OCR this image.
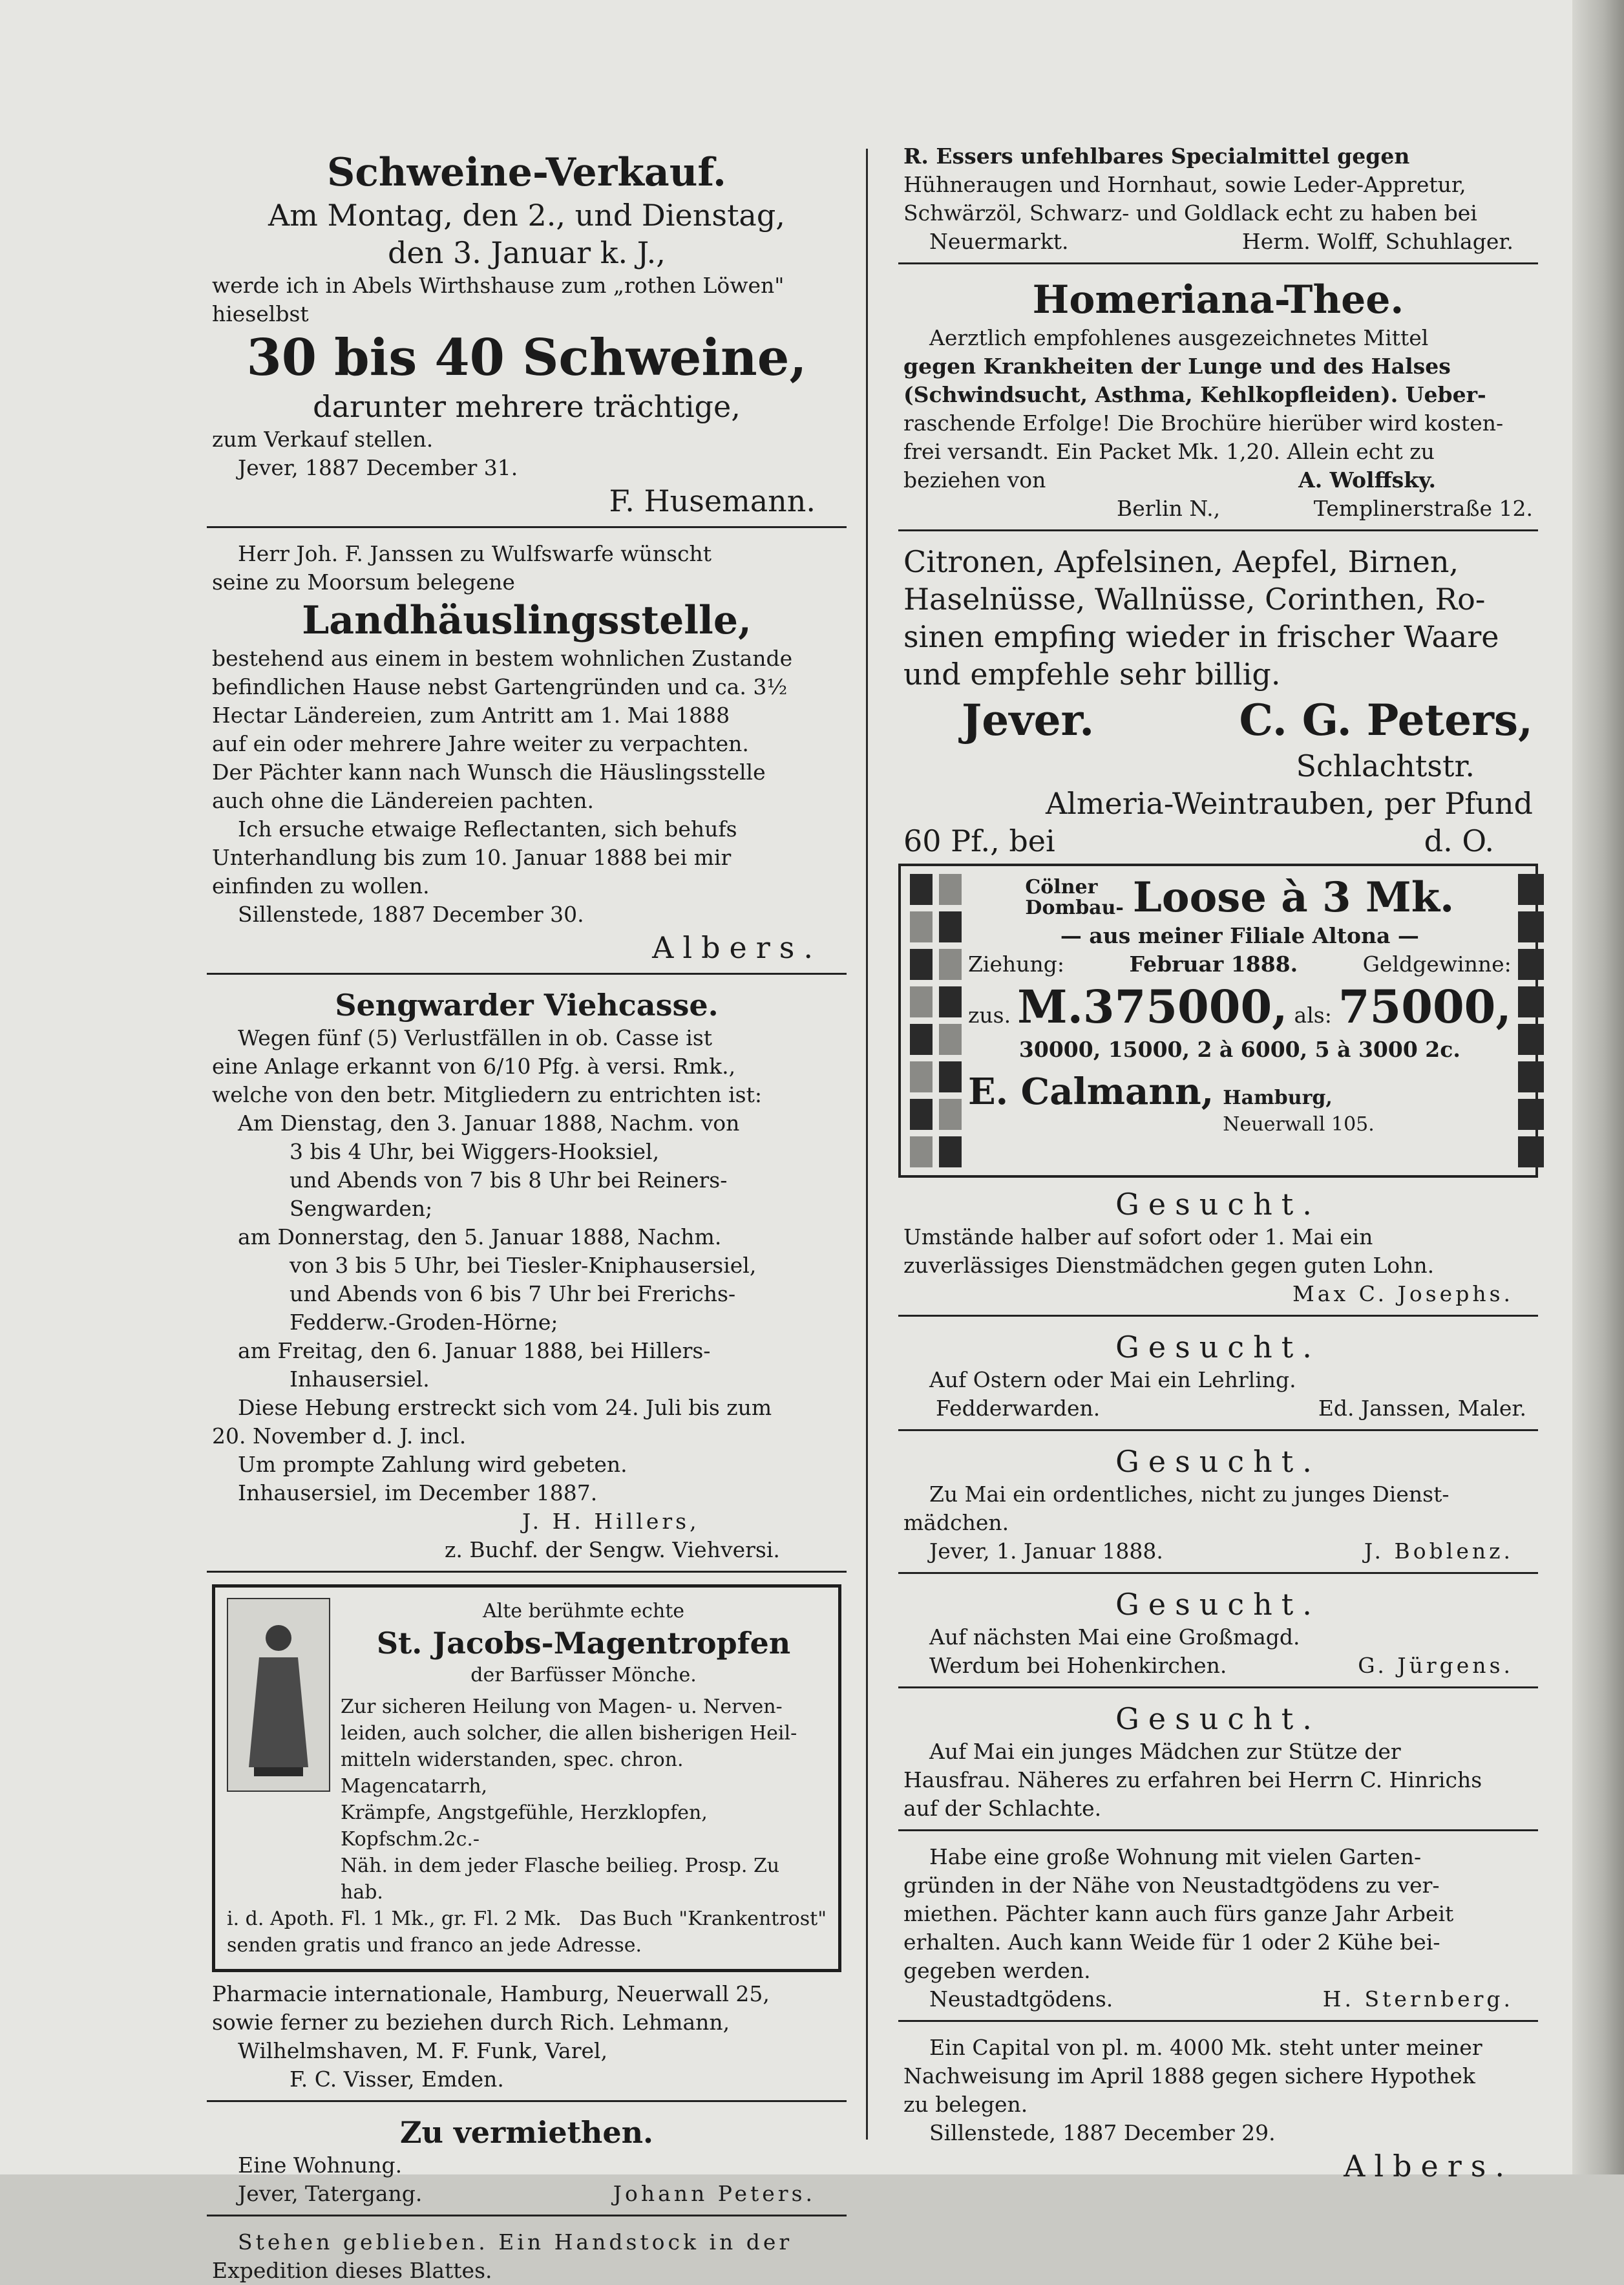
Schweine-Verkauf.
Am Montag, den 2., und Dienstag,
den 3. Januar k. J.,
werde ich in Abels Wirthshause zum „rothen Löwen"
hieselbst
30 bis 40 Schweine,
darunter mehrere trächtige,
zum Verkauf stellen.
Jever, 1887 December 31.
F. Husemann.
Herr Joh. F. Janssen zu Wulfswarfe wünscht
seine zu Moorsum belegene
Landhäuslingsstelle,
bestehend aus einem in bestem wohnlichen Zustande
befindlichen Hause nebst Gartengründen und ca. 3½
Hectar Ländereien, zum Antritt am 1. Mai 1888
auf ein oder mehrere Jahre weiter zu verpachten.
Der Pächter kann nach Wunsch die Häuslingsstelle
auch ohne die Ländereien pachten.
Ich ersuche etwaige Reflectanten, sich behufs
Unterhandlung bis zum 10. Januar 1888 bei mir
einfinden zu wollen.
Sillenstede, 1887 December 30.
Albers.
Sengwarder Viehcasse.
Wegen fünf (5) Verlustfällen in ob. Casse ist
eine Anlage erkannt von 6/10 Pfg. à versi. Rmk.,
welche von den betr. Mitgliedern zu entrichten ist:
Am Dienstag, den 3. Januar 1888, Nachm. von
3 bis 4 Uhr, bei Wiggers-Hooksiel,
und Abends von 7 bis 8 Uhr bei Reiners-
Sengwarden;
am Donnerstag, den 5. Januar 1888, Nachm.
von 3 bis 5 Uhr, bei Tiesler-Kniphausersiel,
und Abends von 6 bis 7 Uhr bei Frerichs-
Fedderw.-Groden-Hörne;
am Freitag, den 6. Januar 1888, bei Hillers-
Inhausersiel.
Diese Hebung erstreckt sich vom 24. Juli bis zum
20. November d. J. incl.
Um prompte Zahlung wird gebeten.
Inhausersiel, im December 1887.
J. H. Hillers,
z. Buchf. der Sengw. Viehversi.
Alte berühmte echte
St. Jacobs-Magentropfen
der Barfüsser Mönche.
Zur sicheren Heilung von Magen- u. Nerven-
leiden, auch solcher, die allen bisherigen Heil-
mitteln widerstanden, spec. chron. Magencatarrh,
Krämpfe, Angstgefühle, Herzklopfen, Kopfschm.2c.-
Näh. in dem jeder Flasche beilieg. Prosp. Zu hab.
i. d. Apoth. Fl. 1 Mk., gr. Fl. 2 Mk. Das Buch "Krankentrost"
senden gratis und franco an jede Adresse.
Pharmacie internationale, Hamburg, Neuerwall 25,
sowie ferner zu beziehen durch Rich. Lehmann,
Wilhelmshaven, M. F. Funk, Varel,
F. C. Visser, Emden.
Zu vermiethen.
Eine Wohnung.
Jever, Tatergang.	Johann Peters.
Stehen geblieben. Ein Handstock in der
Expedition dieses Blattes.
R. Essers unfehlbares Specialmittel gegen
Hühneraugen und Hornhaut, sowie Leder-Appretur,
Schwärzöl, Schwarz- und Goldlack echt zu haben bei
Neuermarkt.	Herm. Wolff, Schuhlager.
Homeriana-Thee.
Aerztlich empfohlenes ausgezeichnetes Mittel
gegen Krankheiten der Lunge und des Halses
(Schwindsucht, Asthma, Kehlkopfleiden). Ueber-
raschende Erfolge! Die Brochüre hierüber wird kosten-
frei versandt. Ein Packet Mk. 1,20. Allein echt zu
beziehen von	A. Wolffsky.
Berlin N.,	Templinerstraße 12.
Citronen, Apfelsinen, Aepfel, Birnen,
Haselnüsse, Wallnüsse, Corinthen, Ro-
sinen empfing wieder in frischer Waare
und empfehle sehr billig.
Jever.	C. G. Peters,
Schlachtstr.
Almeria-Weintrauben, per Pfund
60 Pf., bei	d. O.
Cölner
Dombau- Loose à 3 Mk.
— aus meiner Filiale Altona —
Ziehung:	Februar 1888.	Geldgewinne:
zus. M.375000, als: 75000,
30000, 15000, 2 à 6000, 5 à 3000 2c.
E. Calmann, Hamburg,
Neuerwall 105.
Gesucht.
Umstände halber auf sofort oder 1. Mai ein
zuverlässiges Dienstmädchen gegen guten Lohn.
Max C. Josephs.
Gesucht.
Auf Ostern oder Mai ein Lehrling.
Fedderwarden.	Ed. Janssen, Maler.
Gesucht.
Zu Mai ein ordentliches, nicht zu junges Dienst-
mädchen.
Jever, 1. Januar 1888.	J. Boblenz.
Gesucht.
Auf nächsten Mai eine Großmagd.
Werdum bei Hohenkirchen.	G. Jürgens.
Gesucht.
Auf Mai ein junges Mädchen zur Stütze der
Hausfrau. Näheres zu erfahren bei Herrn C. Hinrichs
auf der Schlachte.
Habe eine große Wohnung mit vielen Garten-
gründen in der Nähe von Neustadtgödens zu ver-
miethen. Pächter kann auch fürs ganze Jahr Arbeit
erhalten. Auch kann Weide für 1 oder 2 Kühe bei-
gegeben werden.
Neustadtgödens.	H. Sternberg.
Ein Capital von pl. m. 4000 Mk. steht unter meiner
Nachweisung im April 1888 gegen sichere Hypothek
zu belegen.
Sillenstede, 1887 December 29.
Albers.
